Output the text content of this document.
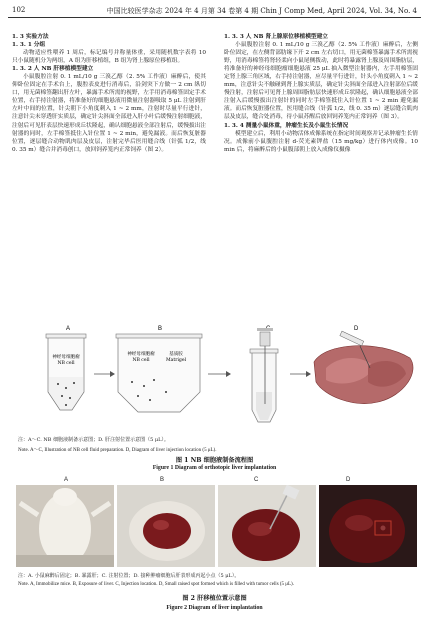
102	中国比较医学杂志 2024 年 4 月第 34 卷第 4 期 Chin J Comp Med, April 2024, Vol. 34, No. 4

1. 3 实验方法

1. 3. 1 分组

动物适应性喂养 1 周后，标记编号并称量体重，采用随机数字表将 10 只小鼠随机分为两组，A 组为肝移植组，B 组为肾上腺原位移植组。

1. 3. 2 人 NB 肝移植模型建立

小鼠腹腔注射 0. 1 mL/10 g 三溴乙醇（2. 5% 工作液）麻醉后，使其仰卧位固定在手术台上，腹腔表皮进行消毒后，沿剑突下方做一 2 cm 纵切口，用无菌棉签翻出肝左叶，暴露手术所需的视野，左手用消毒棉签固定手术位置，右手持注射器，将准备好的细胞悬液用微量注射器吸取 5 μL 注射到肝左叶中间的位置，针尖朝下小角度刺入 1 ~ 2 mm，注射时尽量平行进针，注意针尖未穿透肝实质层，确定针尖斜面全部进入肝小叶后缓慢注射细胞液，注射后可见肝表层快速形成丘状隆起，确认细胞悬液全部注射后，缓慢拔出注射器的同时，左手棉签抵住入针位置 1 ~ 2 min，避免漏液。而后恢复脏器位置，逐层缝合动物肌肉层及皮层，注射完毕后医用缝合线（针弧 1/2，线 0. 35 m）缝合并消毒创口，放回饲养笼内正常饲养（图 2）。

1. 3. 3 人 NB 肾上腺原位移植模型建立

小鼠腹腔注射 0. 1 mL/10 g 三溴乙醇（2. 5% 工作液）麻醉后，左侧卧位固定，在左侧背部肋缘下开 2 cm 左右切口，用无菌棉签暴露手术所需视野，用消毒棉签将肾轻柔向小鼠尾侧拨动，此时将暴露肾上腺及周围脂肪层，将准备好的神经母细胞瘤细胞悬液 25 μL 抽入微型注射器内，左手用棉签固定肾上腺三角区域，右手持注射器，应尽量平行进针，针头小角度刺入 1 ~ 2 mm，注意针尖不触碰到肾上腺实质层，确定针尖斜面全部进入注射部位后缓慢注射，注射后可见肾上腺周围脂肪层快速形成丘状隆起，确认细胞悬液全部注射入后缓慢拔出注射针的同时左手棉签抵住入针位置 1 ~ 2 min 避免漏液。而后恢复脏器位置，医用缝合线（针弧 1/2，线 0. 35 m）逐层缝合肌肉层及皮层，缝合处消毒，待小鼠苏醒后放回饲养笼内正常饲养（图 3）。

1. 3. 4 测量小鼠体重，肿瘤生长及小鼠生长情况

模型建立后，利用小动物活体成像系统在指定时间观察并记录肿瘤生长情况。成像前小鼠腹腔注射 d-荧光素钾盐（15 mg/kg）进行体内成像。10 min 后，将麻醉后的小鼠腹部朝上放入成像仪摄像

A
神经母细胞瘤
NB cell
B
神经母细胞瘤
NB cell
基质胶
Matrigel
D
注：A～C. NB 细胞液制备示意图；D. 肝注射位置示意图（5 μL）。
Note. A～C, Illustration of NB cell fluid preparation. D, Diagram of liver injection location (5 μL).
图 1 NB 细胞液制备流程图
Figure 1 Diagram of orthotopic liver implantation
A	B	C	D
注：A. 小鼠麻醉后固定；B. 暴露肝；C. 注射位置；D. 接种肿瘤细胞后肝表形成丙起小点（5 μL）。
Note. A, Immobilize mice. B, Exposure of liver. C, Injection location. D, Small raised spot formed which is filled with tumor cells (5 μL).
图 2 肝移植位置示意图
Figure 2 Diagram of liver implantation
